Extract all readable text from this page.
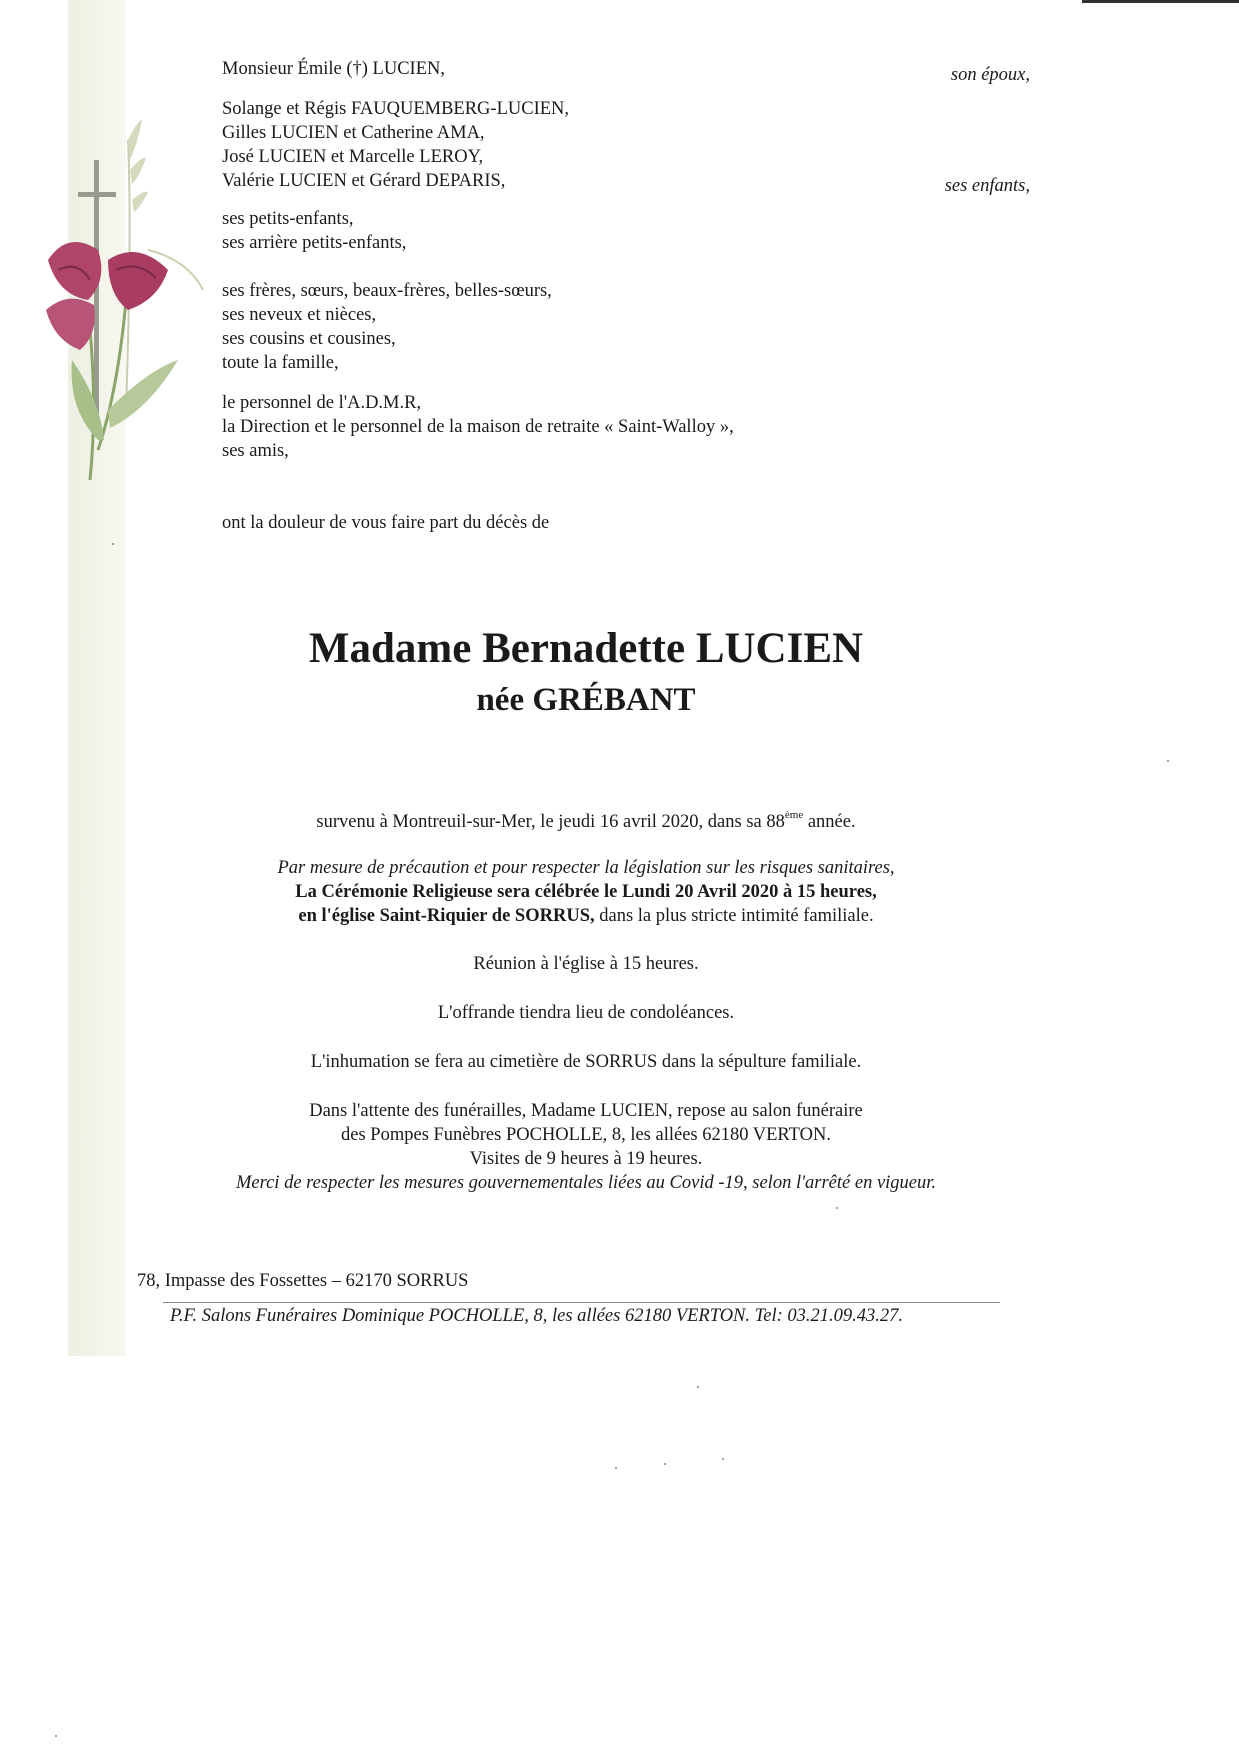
Monsieur Émile (†) LUCIEN,	son époux,
Solange et Régis FAUQUEMBERG-LUCIEN,
Gilles LUCIEN et Catherine AMA,
José LUCIEN et Marcelle LEROY,
Valérie LUCIEN et Gérard DEPARIS,	ses enfants,
ses petits-enfants,
ses arrière petits-enfants,
ses frères, sœurs, beaux-frères, belles-sœurs,
ses neveux et nièces,
ses cousins et cousines,
toute la famille,
le personnel de l'A.D.M.R,
la Direction et le personnel de la maison de retraite « Saint-Walloy »,
ses amis,
ont la douleur de vous faire part du décès de
Madame Bernadette LUCIEN
née GRÉBANT
survenu à Montreuil-sur-Mer, le jeudi 16 avril 2020, dans sa 88ème année.
Par mesure de précaution et pour respecter la législation sur les risques sanitaires,
La Cérémonie Religieuse sera célébrée le Lundi 20 Avril 2020 à 15 heures,
en l'église Saint-Riquier de SORRUS, dans la plus stricte intimité familiale.
Réunion à l'église à 15 heures.
L'offrande tiendra lieu de condoléances.
L'inhumation se fera au cimetière de SORRUS dans la sépulture familiale.
Dans l'attente des funérailles, Madame LUCIEN, repose au salon funéraire
des Pompes Funèbres POCHOLLE, 8, les allées 62180 VERTON.
Visites de 9 heures à 19 heures.
Merci de respecter les mesures gouvernementales liées au Covid -19, selon l'arrêté en vigueur.
78, Impasse des Fossettes – 62170 SORRUS
P.F. Salons Funéraires Dominique POCHOLLE, 8, les allées 62180 VERTON. Tel: 03.21.09.43.27.
